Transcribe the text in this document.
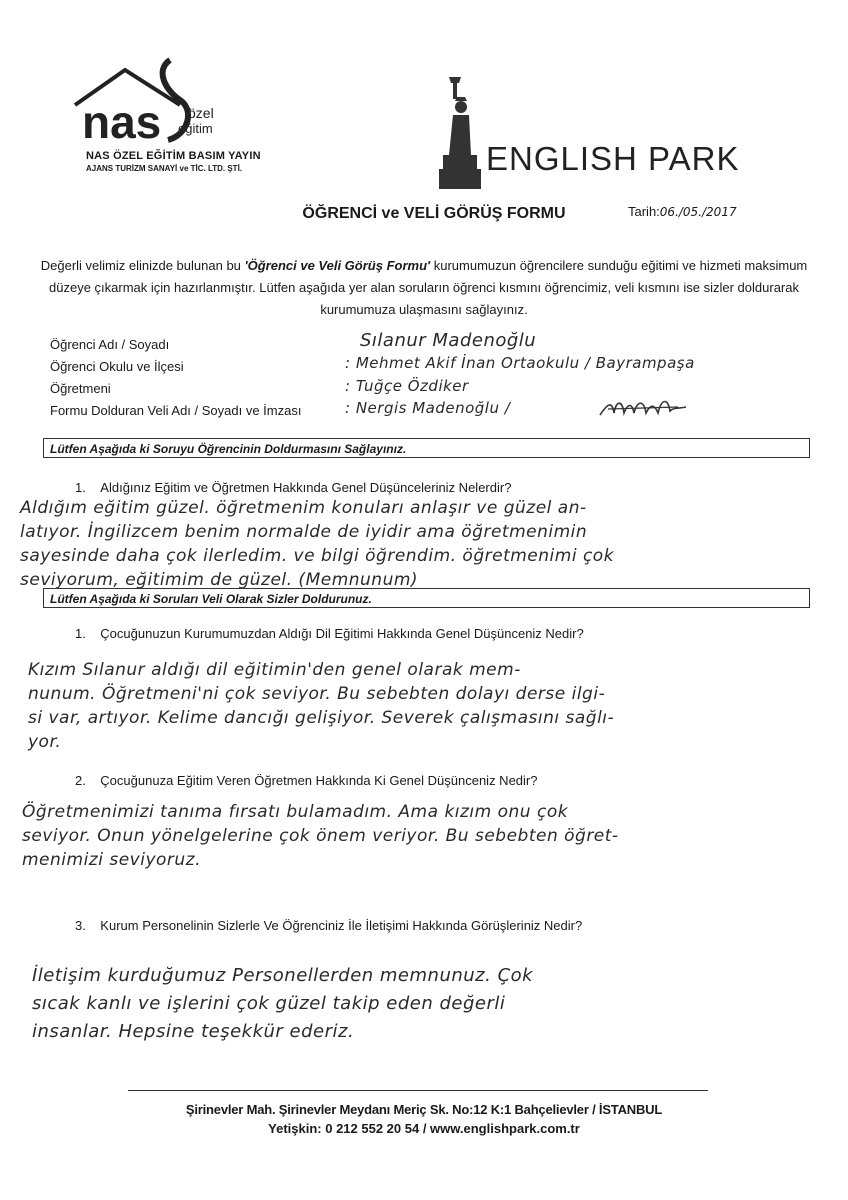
nas özel
eğitim
NAS ÖZEL EĞİTİM BASIM YAYIN
AJANS TURİZM SANAYİ ve TİC. LTD. ŞTİ.	ENGLISH PARK
ÖĞRENCİ ve VELİ GÖRÜŞ FORMU	Tarih:06./05./2017
Değerli velimiz elinizde bulunan bu 'Öğrenci ve Veli Görüş Formu' kurumumuzun öğrencilere sunduğu eğitimi ve hizmeti maksimum düzeye çıkarmak için hazırlanmıştır. Lütfen aşağıda yer alan soruların öğrenci kısmını öğrencimiz, veli kısmını ise sizler doldurarak kurumumuza ulaşmasını sağlayınız.
Öğrenci Adı / Soyadı	Sılanur Madenoğlu
Öğrenci Okulu ve İlçesi	: Mehmet Akif İnan Ortaokulu / Bayrampaşa
Öğretmeni	: Tuğçe Özdiker
Formu Dolduran Veli Adı / Soyadı ve İmzası	: Nergis Madenoğlu /
Lütfen Aşağıda ki Soruyu Öğrencinin Doldurmasını Sağlayınız.
1. Aldığınız Eğitim ve Öğretmen Hakkında Genel Düşünceleriniz Nelerdir?
Aldığım eğitim güzel. öğretmenim konuları anlaşır ve güzel an-
latıyor. İngilizcem benim normalde de iyidir ama öğretmenimin
sayesinde daha çok ilerledim. ve bilgi öğrendim. öğretmenimi çok
seviyorum, eğitimim de güzel. (Memnunum)
Lütfen Aşağıda ki Soruları Veli Olarak Sizler Doldurunuz.
1. Çocuğunuzun Kurumumuzdan Aldığı Dil Eğitimi Hakkında Genel Düşünceniz Nedir?
Kızım Sılanur aldığı dil eğitimin'den genel olarak mem-
nunum. Öğretmeni'ni çok seviyor. Bu sebebten dolayı derse ilgi-
si var, artıyor. Kelime dancığı gelişiyor. Severek çalışmasını sağlı-
yor.
2. Çocuğunuza Eğitim Veren Öğretmen Hakkında Ki Genel Düşünceniz Nedir?
Öğretmenimizi tanıma fırsatı bulamadım. Ama kızım onu çok
seviyor. Onun yönelgelerine çok önem veriyor. Bu sebebten öğret-
menimizi seviyoruz.
3. Kurum Personelinin Sizlerle Ve Öğrenciniz İle İletişimi Hakkında Görüşleriniz Nedir?
İletişim kurduğumuz Personellerden memnunuz. Çok
sıcak kanlı ve işlerini çok güzel takip eden değerli
insanlar. Hepsine teşekkür ederiz.
Şirinevler Mah. Şirinevler Meydanı Meriç Sk. No:12 K:1 Bahçelievler / İSTANBUL
Yetişkin: 0 212 552 20 54 / www.englishpark.com.tr
